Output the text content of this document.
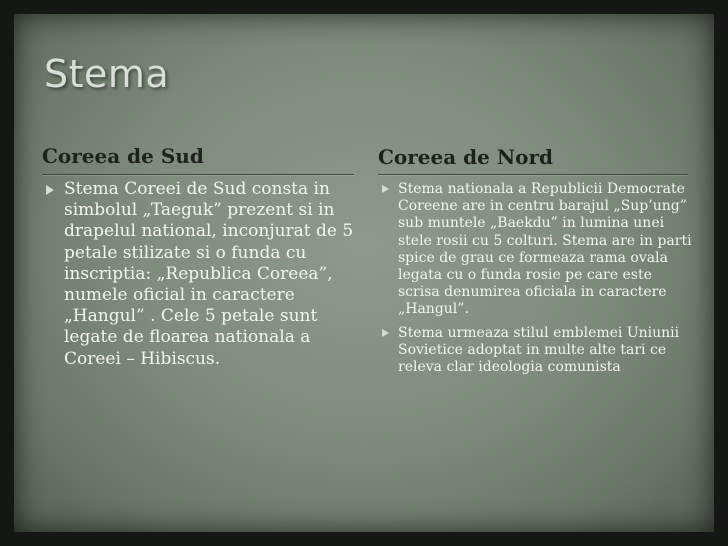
Stema
Coreea de Sud	Coreea de Nord
Stema Coreei de Sud consta in simbolul „Taeguk” prezent si in drapelul national, inconjurat de 5 petale stilizate si o funda cu inscriptia: „Republica Coreea”, numele oficial in caractere „Hangul” . Cele 5 petale sunt legate de floarea nationala a Coreei – Hibiscus.
Stema nationala a Republicii Democrate Coreene are in centru barajul „Sup’ung” sub muntele „Baekdu” in lumina unei stele rosii cu 5 colturi. Stema are in parti spice de grau ce formeaza rama ovala legata cu o funda rosie pe care este scrisa denumirea oficiala in caractere „Hangul”.
Stema urmeaza stilul emblemei Uniunii Sovietice adoptat in multe alte tari ce releva clar ideologia comunista
